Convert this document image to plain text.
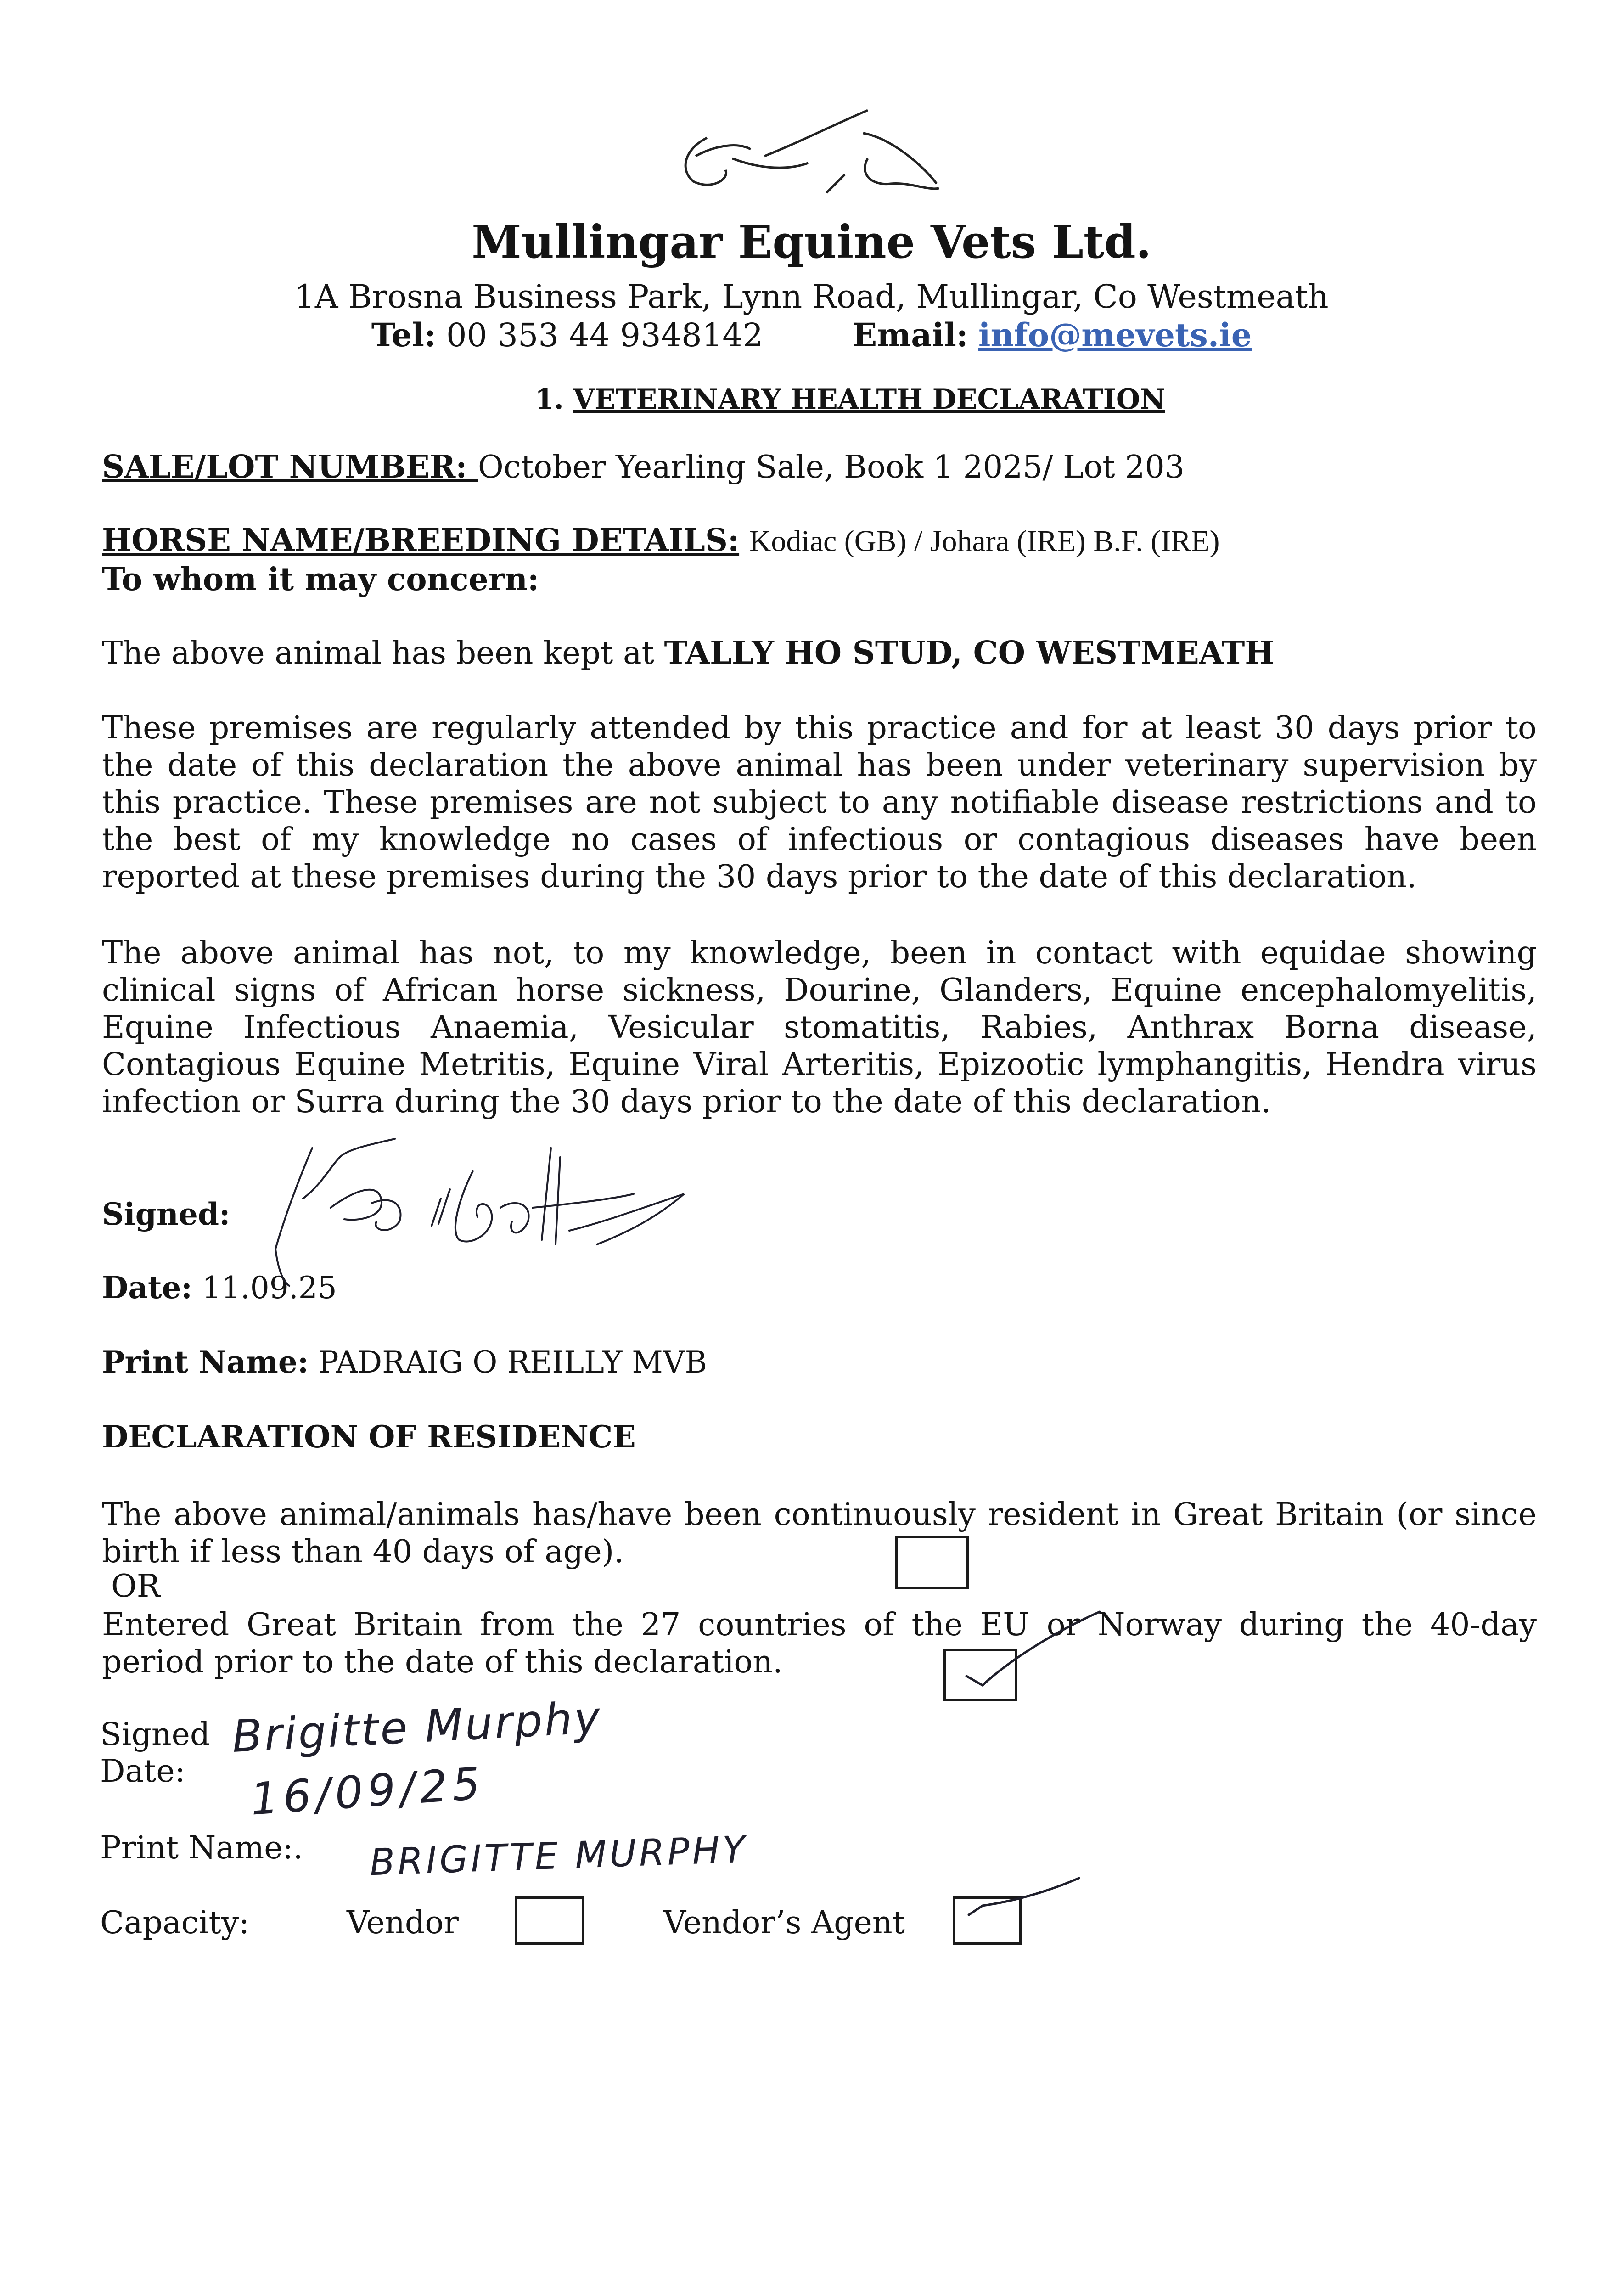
Mullingar Equine Vets Ltd.
1A Brosna Business Park, Lynn Road, Mullingar, Co Westmeath
Tel: 00 353 44 9348142	Email: info@mevets.ie
1. VETERINARY HEALTH DECLARATION
SALE/LOT NUMBER: October Yearling Sale, Book 1 2025/ Lot 203
HORSE NAME/BREEDING DETAILS: Kodiac (GB) / Johara (IRE) B.F. (IRE)
To whom it may concern:
The above animal has been kept at TALLY HO STUD, CO WESTMEATH
These premises are regularly attended by this practice and for at least 30 days prior to the date of this declaration the above animal has been under veterinary supervision by this practice. These premises are not subject to any notifiable disease restrictions and to the best of my knowledge no cases of infectious or contagious diseases have been reported at these premises during the 30 days prior to the date of this declaration.
The above animal has not, to my knowledge, been in contact with equidae showing clinical signs of African horse sickness, Dourine, Glanders, Equine encephalomyelitis, Equine Infectious Anaemia, Vesicular stomatitis, Rabies, Anthrax Borna disease, Contagious Equine Metritis, Equine Viral Arteritis, Epizootic lymphangitis, Hendra virus infection or Surra during the 30 days prior to the date of this declaration.
Signed:
Date: 11.09.25
Print Name: PADRAIG O REILLY MVB
DECLARATION OF RESIDENCE
The above animal/animals has/have been continuously resident in Great Britain (or since birth if less than 40 days of age).
OR
Entered Great Britain from the 27 countries of the EU or Norway during the 40-day period prior to the date of this declaration.
Signed Brigitte Murphy
Date: 16/09/25
Print Name:. BRIGITTE MURPHY
Capacity:	Vendor	Vendor’s Agent
